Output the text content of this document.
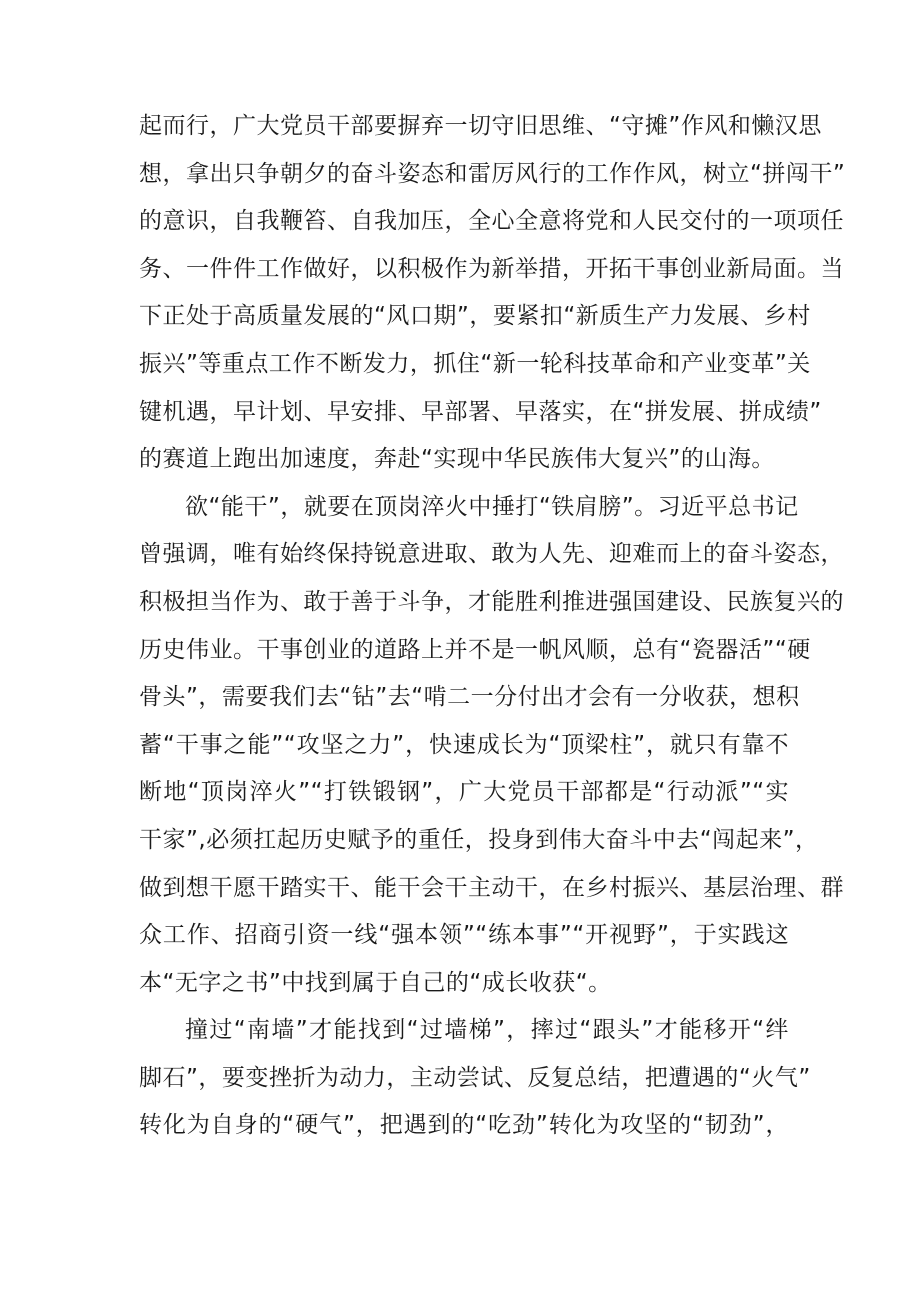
起而行，广大党员干部要摒弃一切守旧思维、“守摊”作风和懒汉思
想，拿出只争朝夕的奋斗姿态和雷厉风行的工作作风，树立“拼闯干”
的意识，自我鞭笞、自我加压，全心全意将党和人民交付的一项项任
务、一件件工作做好，以积极作为新举措，开拓干事创业新局面。当
下正处于高质量发展的“风口期”，要紧扣“新质生产力发展、乡村
振兴”等重点工作不断发力，抓住“新一轮科技革命和产业变革”关
键机遇，早计划、早安排、早部署、早落实，在“拼发展、拼成绩”
的赛道上跑出加速度，奔赴“实现中华民族伟大复兴”的山海。
欲“能干”，就要在顶岗淬火中捶打“铁肩膀”。习近平总书记
曾强调，唯有始终保持锐意进取、敢为人先、迎难而上的奋斗姿态，
积极担当作为、敢于善于斗争，才能胜利推进强国建设、民族复兴的
历史伟业。干事创业的道路上并不是一帆风顺，总有“瓷器活”“硬
骨头”，需要我们去“钻”去“啃二一分付出才会有一分收获，想积
蓄“干事之能”“攻坚之力”，快速成长为“顶梁柱”，就只有靠不
断地“顶岗淬火”“打铁锻钢”，广大党员干部都是“行动派”“实
干家”,必须扛起历史赋予的重任，投身到伟大奋斗中去“闯起来”，
做到想干愿干踏实干、能干会干主动干，在乡村振兴、基层治理、群
众工作、招商引资一线“强本领”“练本事”“开视野”，于实践这
本“无字之书”中找到属于自己的“成长收获“。
撞过“南墙”才能找到“过墙梯”，摔过“跟头”才能移开“绊
脚石”，要变挫折为动力，主动尝试、反复总结，把遭遇的“火气”
转化为自身的“硬气”，把遇到的“吃劲”转化为攻坚的“韧劲”，
